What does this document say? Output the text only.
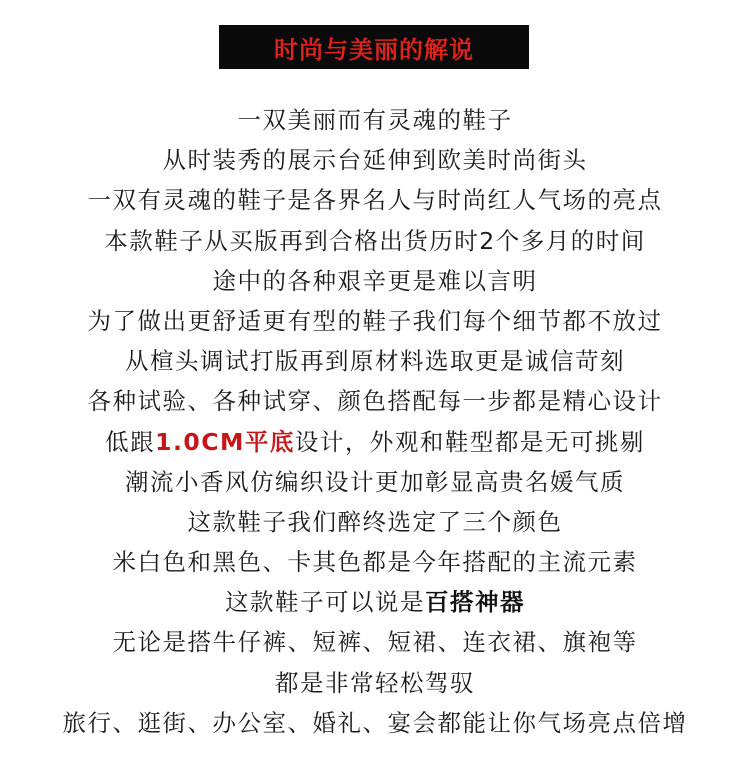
时尚与美丽的解说
一双美丽而有灵魂的鞋子
从时装秀的展示台延伸到欧美时尚街头
一双有灵魂的鞋子是各界名人与时尚红人气场的亮点
本款鞋子从买版再到合格出货历时2个多月的时间
途中的各种艰辛更是难以言明
为了做出更舒适更有型的鞋子我们每个细节都不放过
从楦头调试打版再到原材料选取更是诚信苛刻
各种试验、各种试穿、颜色搭配每一步都是精心设计
低跟1.0CM平底设计，外观和鞋型都是无可挑剔
潮流小香风仿编织设计更加彰显高贵名媛气质
这款鞋子我们醉终选定了三个颜色
米白色和黑色、卡其色都是今年搭配的主流元素
这款鞋子可以说是百搭神器
无论是搭牛仔裤、短裤、短裙、连衣裙、旗袍等
都是非常轻松驾驭
旅行、逛街、办公室、婚礼、宴会都能让你气场亮点倍增
